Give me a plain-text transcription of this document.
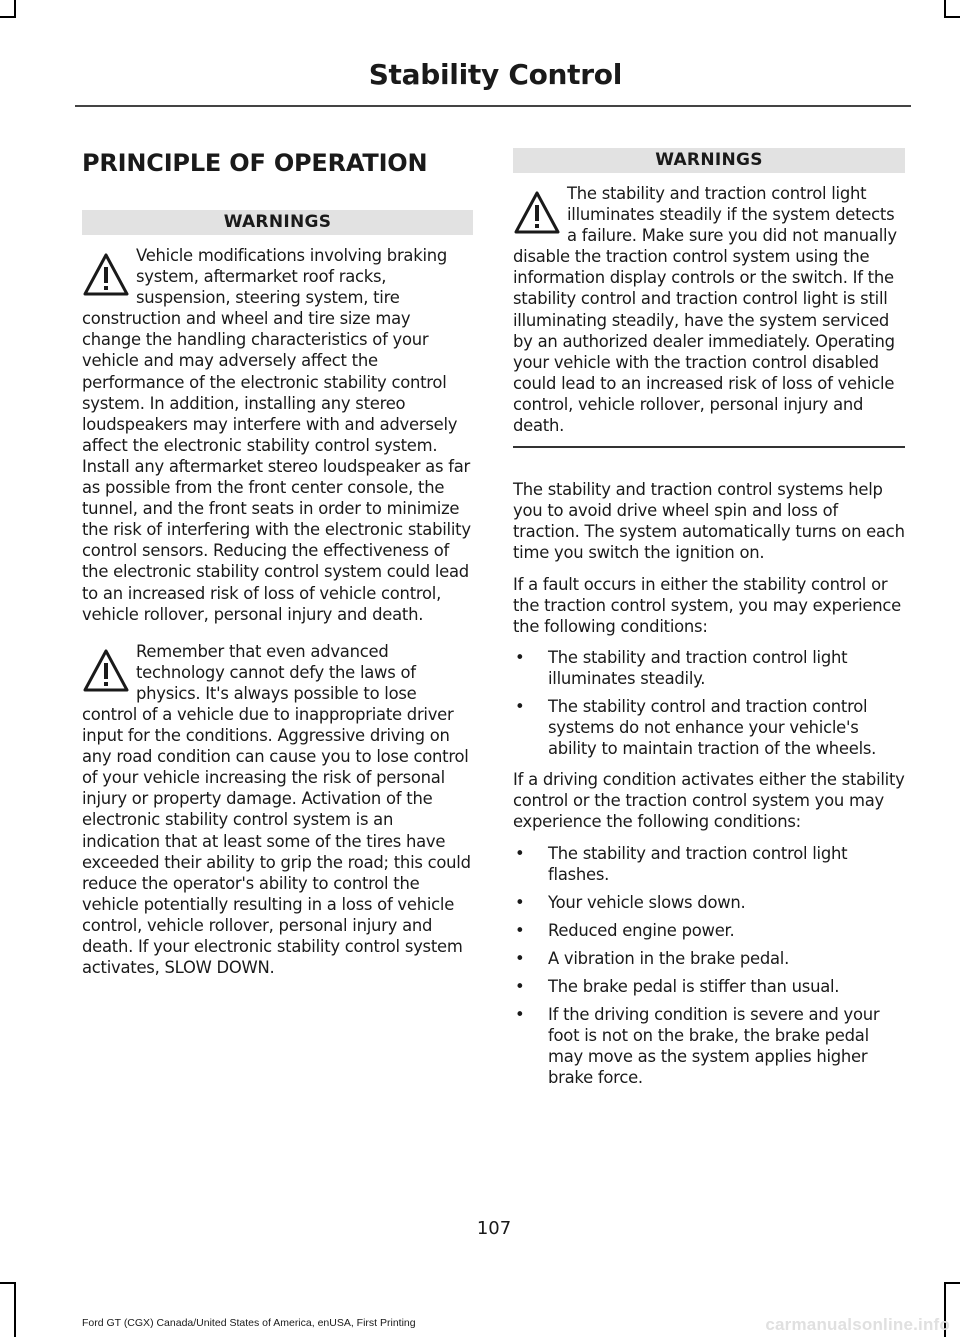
Stability Control
PRINCIPLE OF OPERATION
WARNINGS
Vehicle modifications involving braking system, aftermarket roof racks, suspension, steering system, tire construction and wheel and tire size may change the handling characteristics of your vehicle and may adversely affect the performance of the electronic stability control system. In addition, installing any stereo loudspeakers may interfere with and adversely affect the electronic stability control system. Install any aftermarket stereo loudspeaker as far as possible from the front center console, the tunnel, and the front seats in order to minimize the risk of interfering with the electronic stability control sensors. Reducing the effectiveness of the electronic stability control system could lead to an increased risk of loss of vehicle control, vehicle rollover, personal injury and death.
Remember that even advanced technology cannot defy the laws of physics. It's always possible to lose control of a vehicle due to inappropriate driver input for the conditions. Aggressive driving on any road condition can cause you to lose control of your vehicle increasing the risk of personal injury or property damage. Activation of the electronic stability control system is an indication that at least some of the tires have exceeded their ability to grip the road; this could reduce the operator's ability to control the vehicle potentially resulting in a loss of vehicle control, vehicle rollover, personal injury and death. If your electronic stability control system activates, SLOW DOWN.
WARNINGS
The stability and traction control light illuminates steadily if the system detects a failure. Make sure you did not manually disable the traction control system using the information display controls or the switch. If the stability control and traction control light is still illuminating steadily, have the system serviced by an authorized dealer immediately. Operating your vehicle with the traction control disabled could lead to an increased risk of loss of vehicle control, vehicle rollover, personal injury and death.

The stability and traction control systems help you to avoid drive wheel spin and loss of traction. The system automatically turns on each time you switch the ignition on.

If a fault occurs in either the stability control or the traction control system, you may experience the following conditions:

• The stability and traction control light illuminates steadily.
• The stability control and traction control systems do not enhance your vehicle's ability to maintain traction of the wheels.

If a driving condition activates either the stability control or the traction control system you may experience the following conditions:

• The stability and traction control light flashes.
• Your vehicle slows down.
• Reduced engine power.
• A vibration in the brake pedal.
• The brake pedal is stiffer than usual.
• If the driving condition is severe and your foot is not on the brake, the brake pedal may move as the system applies higher brake force.
107
Ford GT (CGX) Canada/United States of America, enUSA, First Printing	carmanualsonline.info
